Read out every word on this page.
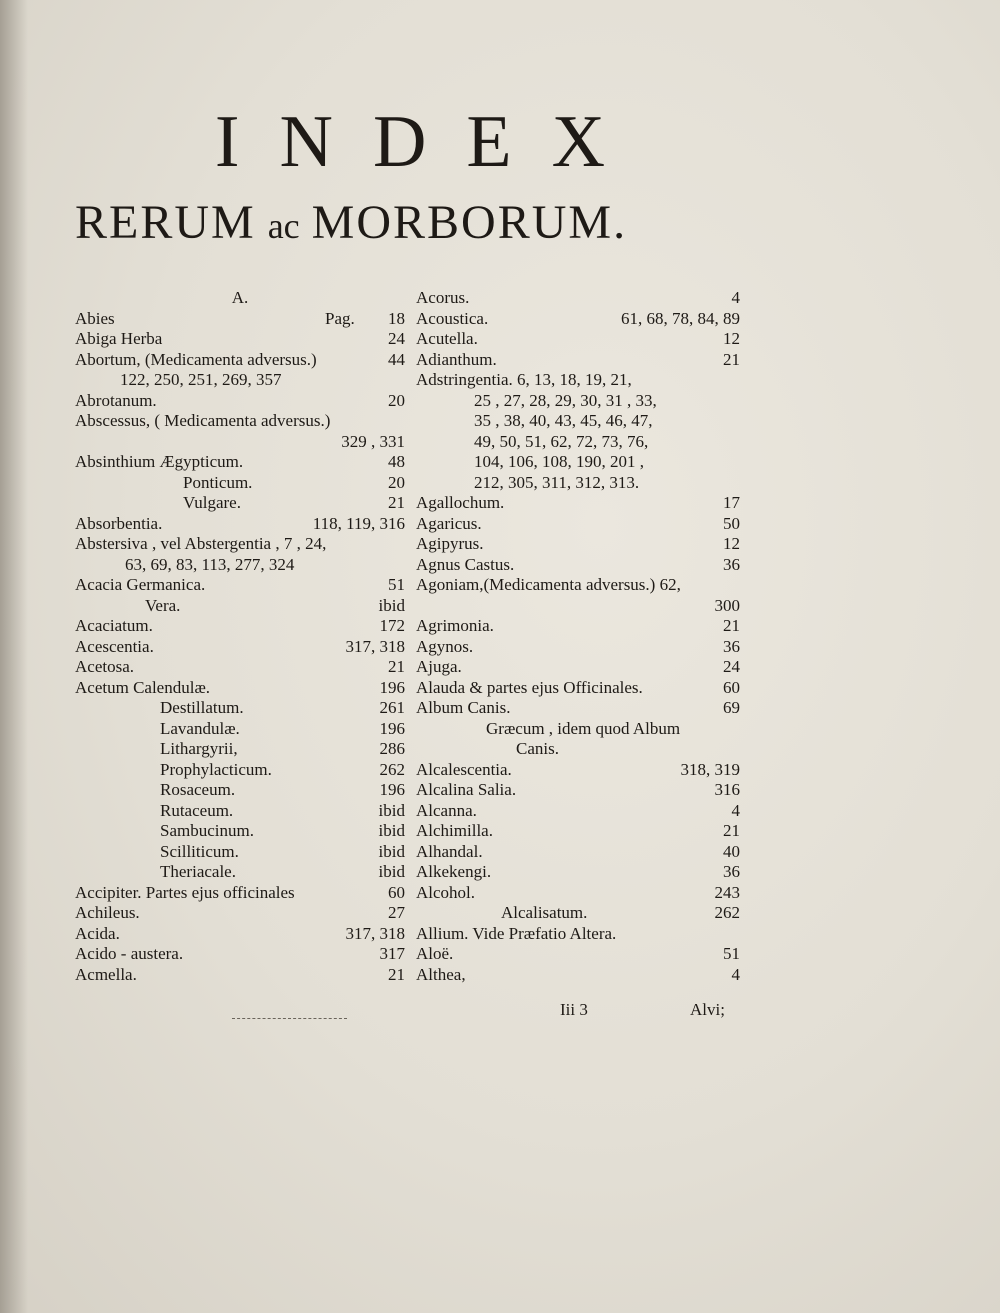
INDEX
RERUM ac MORBORUM.
A.
Abies	Pag. 18
Abiga Herba	24
Abortum, (Medicamenta adversus.)	44
122, 250, 251, 269, 357
Abrotanum.	20
Abscessus, ( Medicamenta adversus.)
329 , 331
Absinthium Ægypticum.	48
Ponticum.	20
Vulgare.	21
Absorbentia.	118, 119, 316
Abstersiva , vel Abstergentia , 7 , 24,
63, 69, 83, 113, 277, 324
Acacia Germanica.	51
Vera.	ibid
Acaciatum.	172
Acescentia.	317, 318
Acetosa.	21
Acetum Calendulæ.	196
Destillatum.	261
Lavandulæ.	196
Lithargyrii,	286
Prophylacticum.	262
Rosaceum.	196
Rutaceum.	ibid
Sambucinum.	ibid
Scilliticum.	ibid
Theriacale.	ibid
Accipiter. Partes ejus officinales	60
Achileus.	27
Acida.	317, 318
Acido - austera.	317
Acmella.	21
Acorus.	4
Acoustica.	61, 68, 78, 84, 89
Acutella.	12
Adianthum.	21
Adstringentia. 6, 13, 18, 19, 21,
25 , 27, 28, 29, 30, 31 , 33,
35 , 38, 40, 43, 45, 46, 47,
49, 50, 51, 62, 72, 73, 76,
104, 106, 108, 190, 201 ,
212, 305, 311, 312, 313.
Agallochum.	17
Agaricus.	50
Agipyrus.	12
Agnus Castus.	36
Agoniam,(Medicamenta adversus.) 62,
300
Agrimonia.	21
Agynos.	36
Ajuga.	24
Alauda & partes ejus Officinales.	60
Album Canis.	69
Græcum , idem quod Album
Canis.
Alcalescentia.	318, 319
Alcalina Salia.	316
Alcanna.	4
Alchimilla.	21
Alhandal.	40
Alkekengi.	36
Alcohol.	243
Alcalisatum.	262
Allium. Vide Præfatio Altera.
Aloë.	51
Althea,	4
Iii 3	Alvi;
